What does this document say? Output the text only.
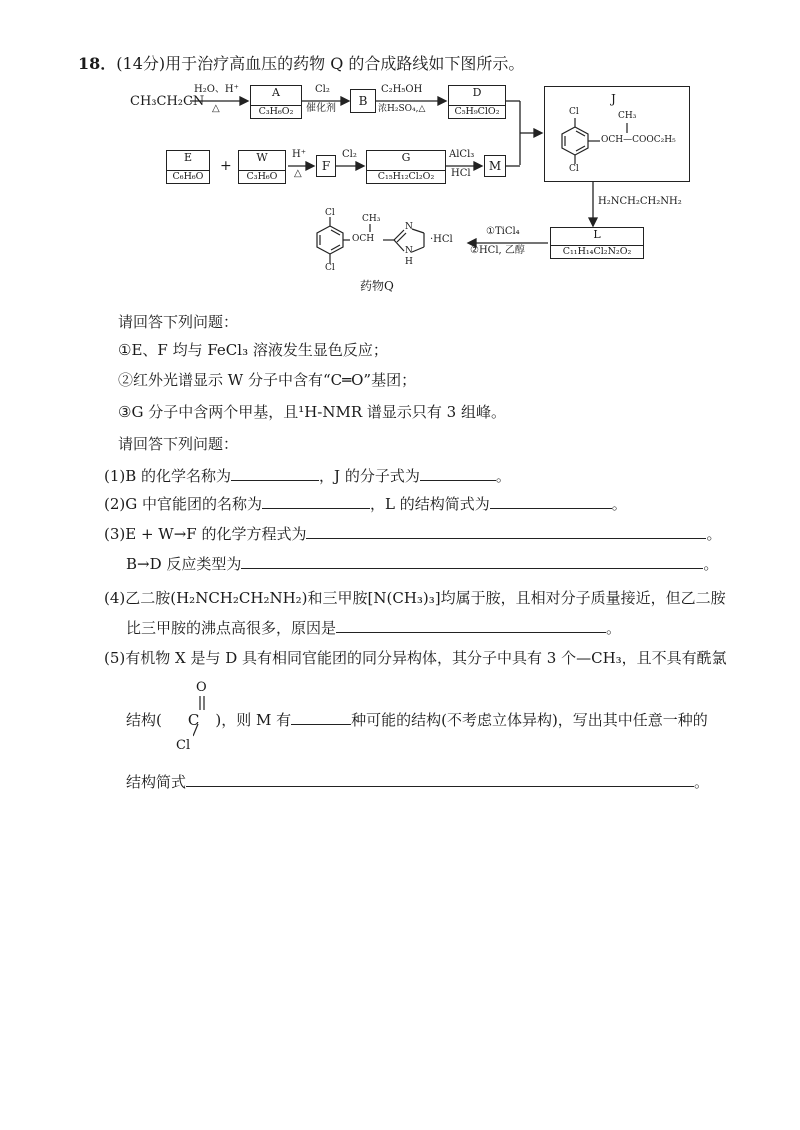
18．(14分)用于治疗高血压的药物 Q 的合成路线如下图所示。
CH₃CH₂CN
H₂O、H⁺
△
A
C₃H₆O₂
Cl₂
催化剂
B
C₂H₅OH
浓H₂SO₄,△
D
C₅H₉ClO₂
E
C₆H₆O
+
W
C₃H₆O
H⁺
△
F
Cl₂	G
C₁₅H₁₂Cl₂O₂
AlCl₃
HCl
M
J
Cl
Cl
CH₃
OCH—COOC₂H₅
H₂NCH₂CH₂NH₂
L
C₁₁H₁₄Cl₂N₂O₂
①TiCl₄
②HCl, 乙醇
Cl
Cl
CH₃
OCH
N
N
H
·HCl
药物Q
请回答下列问题：
①E、F 均与 FeCl₃ 溶液发生显色反应；
②红外光谱显示 W 分子中含有“C═O”基团；
③G 分子中含两个甲基，且¹H-NMR 谱显示只有 3 组峰。
请回答下列问题：
(1)B 的化学名称为	，J 的分子式为	。
(2)G 中官能团的名称为	，L 的结构简式为	。
(3)E + W→F 的化学方程式为	。
B→D 反应类型为	。
(4)乙二胺(H₂NCH₂CH₂NH₂)和三甲胺[N(CH₃)₃]均属于胺，且相对分子质量接近，但乙二胺
比三甲胺的沸点高很多，原因是	。
(5)有机物 X 是与 D 具有相同官能团的同分异构体，其分子中具有 3 个—CH₃，且不具有酰氯
O
结构( C )，则 M 有	种可能的结构(不考虑立体异构)，写出其中任意一种的
Cl
结构简式	。
